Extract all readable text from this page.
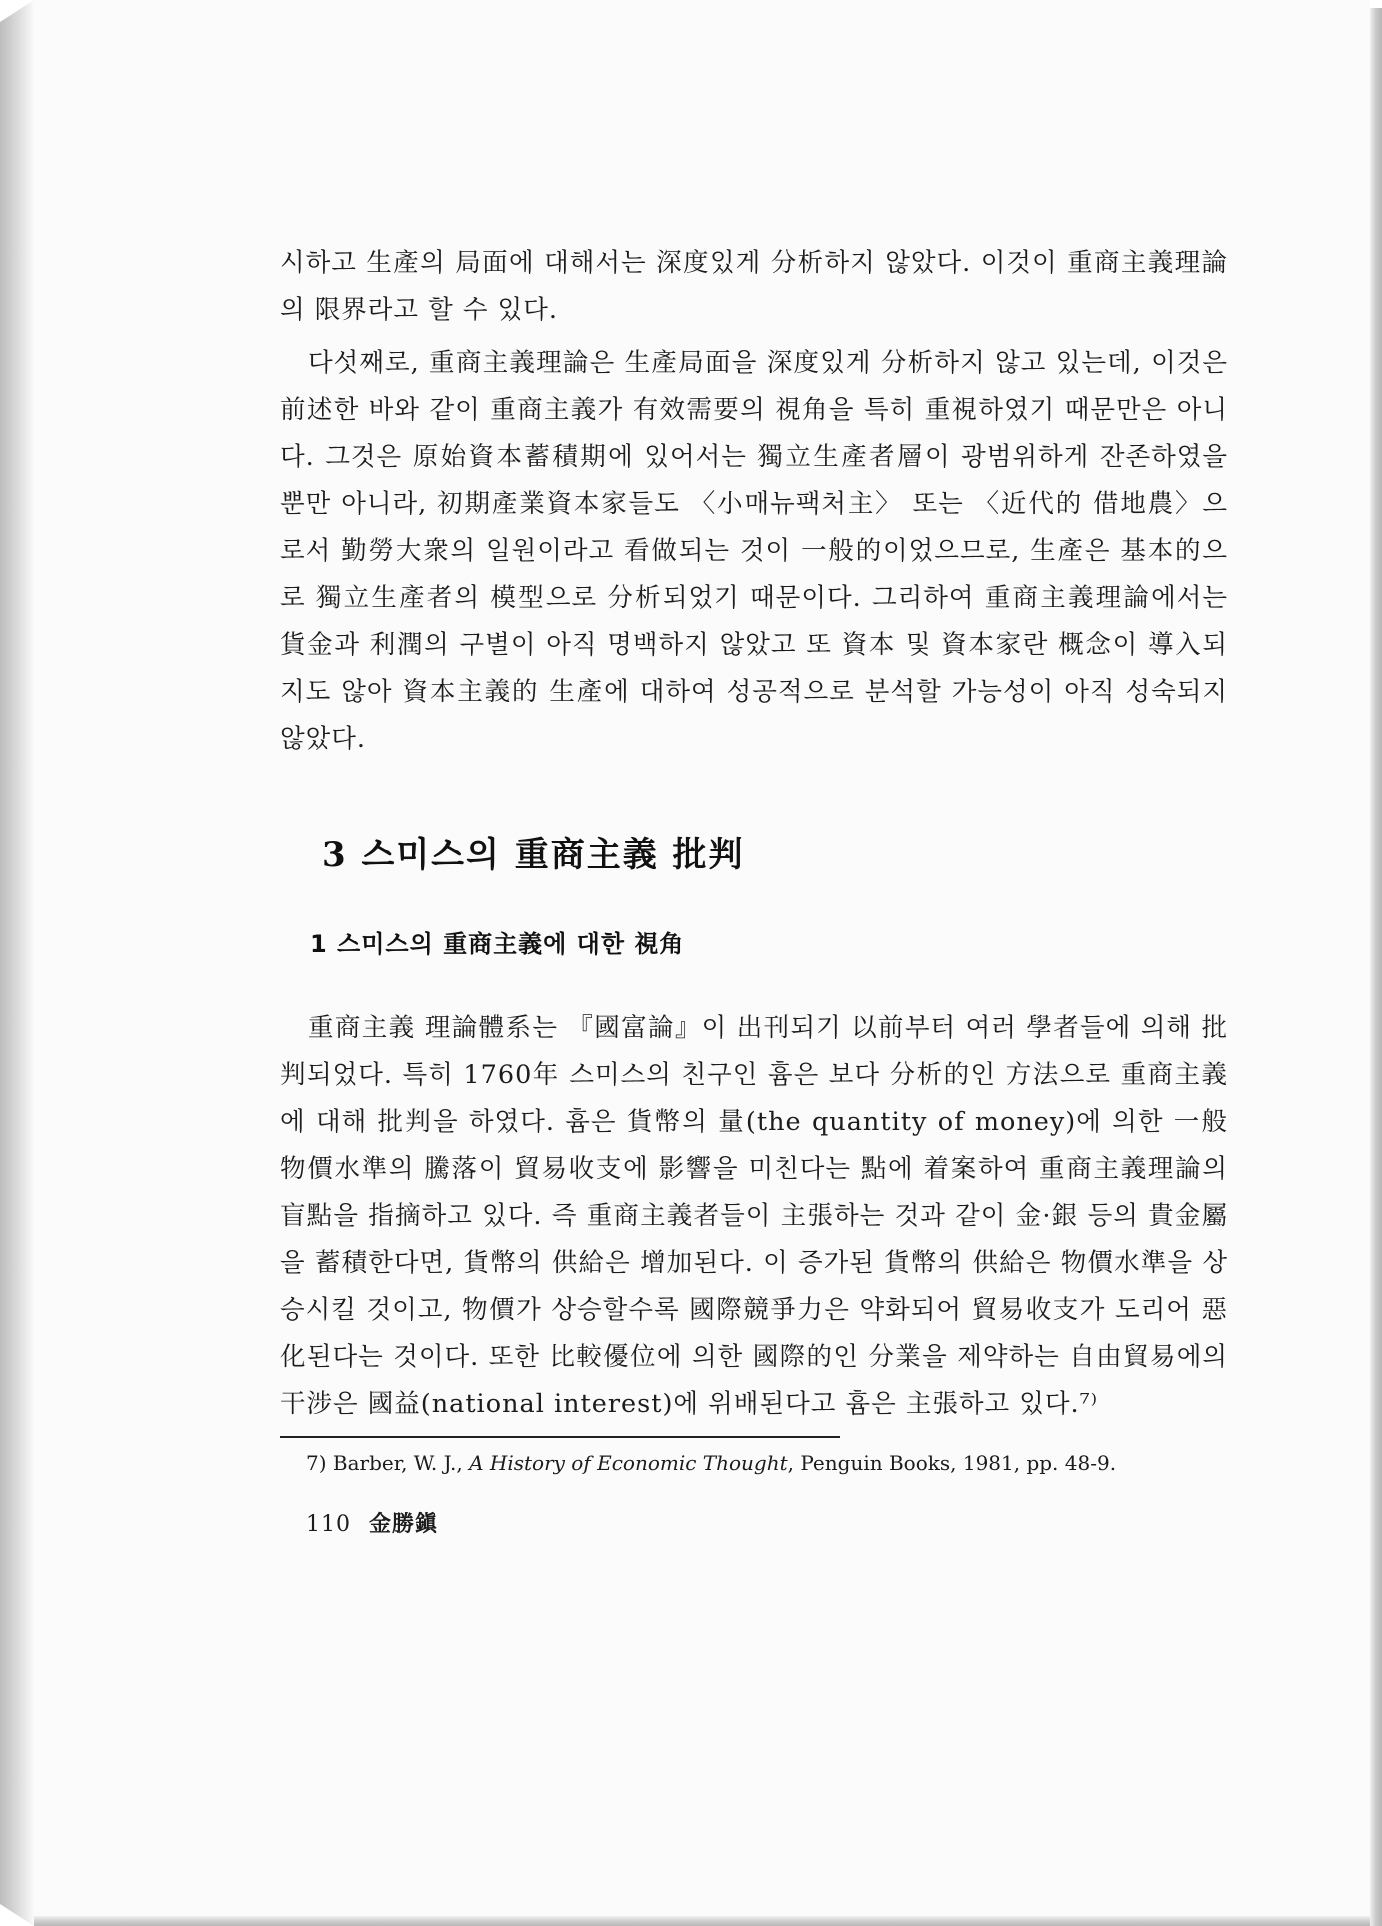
시하고 生產의 局面에 대해서는 深度있게 分析하지 않았다. 이것이 重商主義理論의 限界라고 할 수 있다.

다섯째로, 重商主義理論은 生產局面을 深度있게 分析하지 않고 있는데, 이것은 前述한 바와 같이 重商主義가 有效需要의 視角을 특히 重視하였기 때문만은 아니다. 그것은 原始資本蓄積期에 있어서는 獨立生產者層이 광범위하게 잔존하였을 뿐만 아니라, 初期產業資本家들도 〈小매뉴팩처主〉 또는 〈近代的 借地農〉으로서 勤勞大衆의 일원이라고 看做되는 것이 一般的이었으므로, 生產은 基本的으로 獨立生產者의 模型으로 分析되었기 때문이다. 그리하여 重商主義理論에서는 貨金과 利潤의 구별이 아직 명백하지 않았고 또 資本 및 資本家란 概念이 導入되지도 않아 資本主義的 生產에 대하여 성공적으로 분석할 가능성이 아직 성숙되지 않았다.

3 스미스의 重商主義 批判
1 스미스의 重商主義에 대한 視角

重商主義 理論體系는 『國富論』이 出刊되기 以前부터 여러 學者들에 의해 批判되었다. 특히 1760年 스미스의 친구인 흄은 보다 分析的인 方法으로 重商主義에 대해 批判을 하였다. 흄은 貨幣의 量(the quantity of money)에 의한 一般物價水準의 騰落이 貿易收支에 影響을 미친다는 點에 着案하여 重商主義理論의 盲點을 指摘하고 있다. 즉 重商主義者들이 主張하는 것과 같이 金·銀 등의 貴金屬을 蓄積한다면, 貨幣의 供給은 增加된다. 이 증가된 貨幣의 供給은 物價水準을 상승시킬 것이고, 物價가 상승할수록 國際競爭力은 약화되어 貿易收支가 도리어 惡化된다는 것이다. 또한 比較優位에 의한 國際的인 分業을 제약하는 自由貿易에의 干涉은 國益(national interest)에 위배된다고 흄은 主張하고 있다.⁷⁾

7) Barber, W. J., A History of Economic Thought, Penguin Books, 1981, pp. 48-9.

110 金勝鎭
